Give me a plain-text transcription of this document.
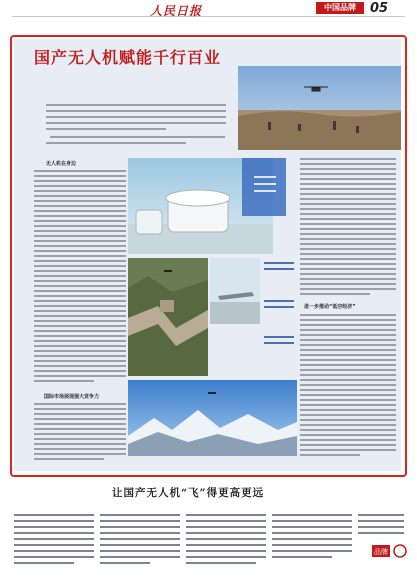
人民日报	中国品牌	05
国产无人机赋能千行百业
无人机在身边
国际市场展现强大竞争力
进一步推动“低空经济”
让国产无人机“飞”得更高更远
品牌
